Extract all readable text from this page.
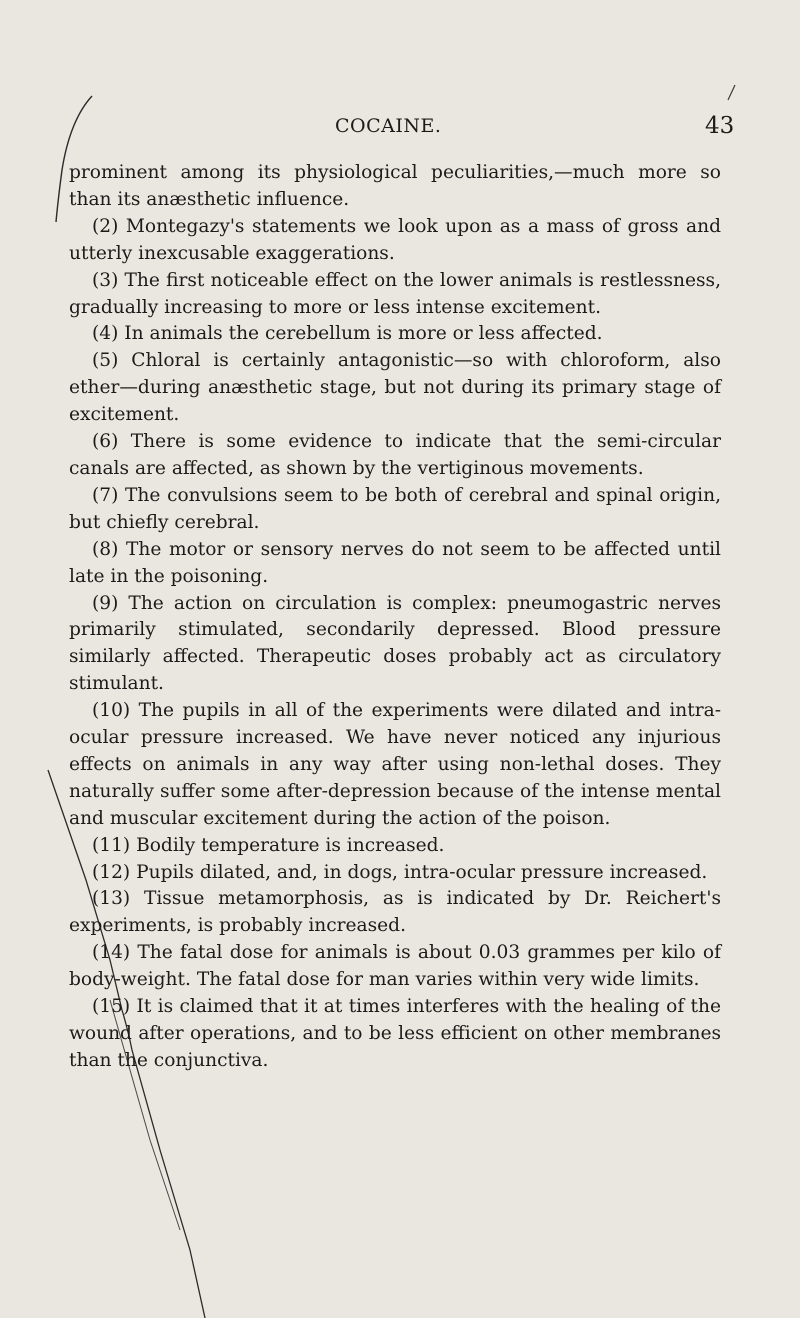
COCAINE.	43

prominent among its physiological peculiarities,—much more so than its anæsthetic influence.

(2) Montegazy's statements we look upon as a mass of gross and utterly inexcusable exaggerations.

(3) The first noticeable effect on the lower animals is restlessness, gradually increasing to more or less intense excitement.

(4) In animals the cerebellum is more or less affected.

(5) Chloral is certainly antagonistic—so with chloroform, also ether—during anæsthetic stage, but not during its primary stage of excitement.

(6) There is some evidence to indicate that the semi-circular canals are affected, as shown by the vertiginous movements.

(7) The convulsions seem to be both of cerebral and spinal origin, but chiefly cerebral.

(8) The motor or sensory nerves do not seem to be affected until late in the poisoning.

(9) The action on circulation is complex: pneumogastric nerves primarily stimulated, secondarily depressed. Blood pressure similarly affected. Therapeutic doses probably act as circulatory stimulant.

(10) The pupils in all of the experiments were dilated and intra-ocular pressure increased. We have never noticed any injurious effects on animals in any way after using non-lethal doses. They naturally suffer some after-depression because of the intense mental and muscular excitement during the action of the poison.

(11) Bodily temperature is increased.

(12) Pupils dilated, and, in dogs, intra-ocular pressure increased.

(13) Tissue metamorphosis, as is indicated by Dr. Reichert's experiments, is probably increased.

(14) The fatal dose for animals is about 0.03 grammes per kilo of body-weight. The fatal dose for man varies within very wide limits.

(15) It is claimed that it at times interferes with the healing of the wound after operations, and to be less efficient on other membranes than the conjunctiva.
